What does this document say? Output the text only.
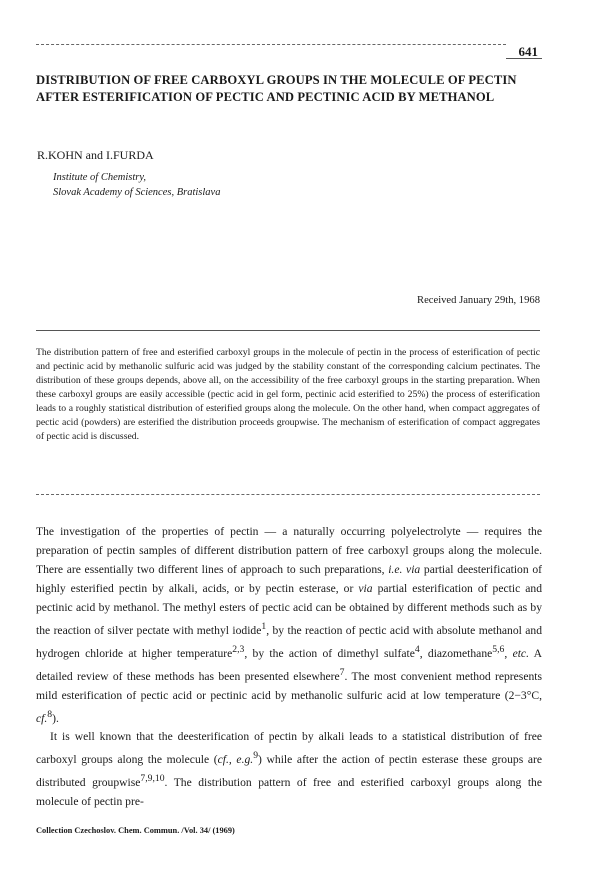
641
DISTRIBUTION OF FREE CARBOXYL GROUPS IN THE MOLECULE OF PECTIN AFTER ESTERIFICATION OF PECTIC AND PECTINIC ACID BY METHANOL
R.KOHN and I.FURDA
Institute of Chemistry,
Slovak Academy of Sciences, Bratislava
Received January 29th, 1968
The distribution pattern of free and esterified carboxyl groups in the molecule of pectin in the process of esterification of pectic and pectinic acid by methanolic sulfuric acid was judged by the stability constant of the corresponding calcium pectinates. The distribution of these groups depends, above all, on the accessibility of the free carboxyl groups in the starting preparation. When these carboxyl groups are easily accessible (pectic acid in gel form, pectinic acid esterified to 25%) the process of esterification leads to a roughly statistical distribution of esterified groups along the molecule. On the other hand, when compact aggregates of pectic acid (powders) are esterified the distribution proceeds groupwise. The mechanism of esterification of compact aggregates of pectic acid is discussed.

The investigation of the properties of pectin — a naturally occurring polyelectrolyte — requires the preparation of pectin samples of different distribution pattern of free carboxyl groups along the molecule. There are essentially two different lines of approach to such preparations, i.e. via partial deesterification of highly esterified pectin by alkali, acids, or by pectin esterase, or via partial esterification of pectic and pectinic acid by methanol. The methyl esters of pectic acid can be obtained by different methods such as by the reaction of silver pectate with methyl iodide$^1$, by the reaction of pectic acid with absolute methanol and hydrogen chloride at higher temperature$^{2,3}$, by the action of dimethyl sulfate$^4$, diazomethane$^{5,6}$, etc. A detailed review of these methods has been presented elsewhere$^7$. The most convenient method represents mild esterification of pectic acid or pectinic acid by methanolic sulfuric acid at low temperature (2−3°C, cf.$^8$).

It is well known that the deesterification of pectin by alkali leads to a statistical distribution of free carboxyl groups along the molecule (cf., e.g.$^9$) while after the action of pectin esterase these groups are distributed groupwise$^{7,9,10}$. The distribution pattern of free and esterified carboxyl groups along the molecule of pectin pre-

Collection Czechoslov. Chem. Commun. /Vol. 34/ (1969)
